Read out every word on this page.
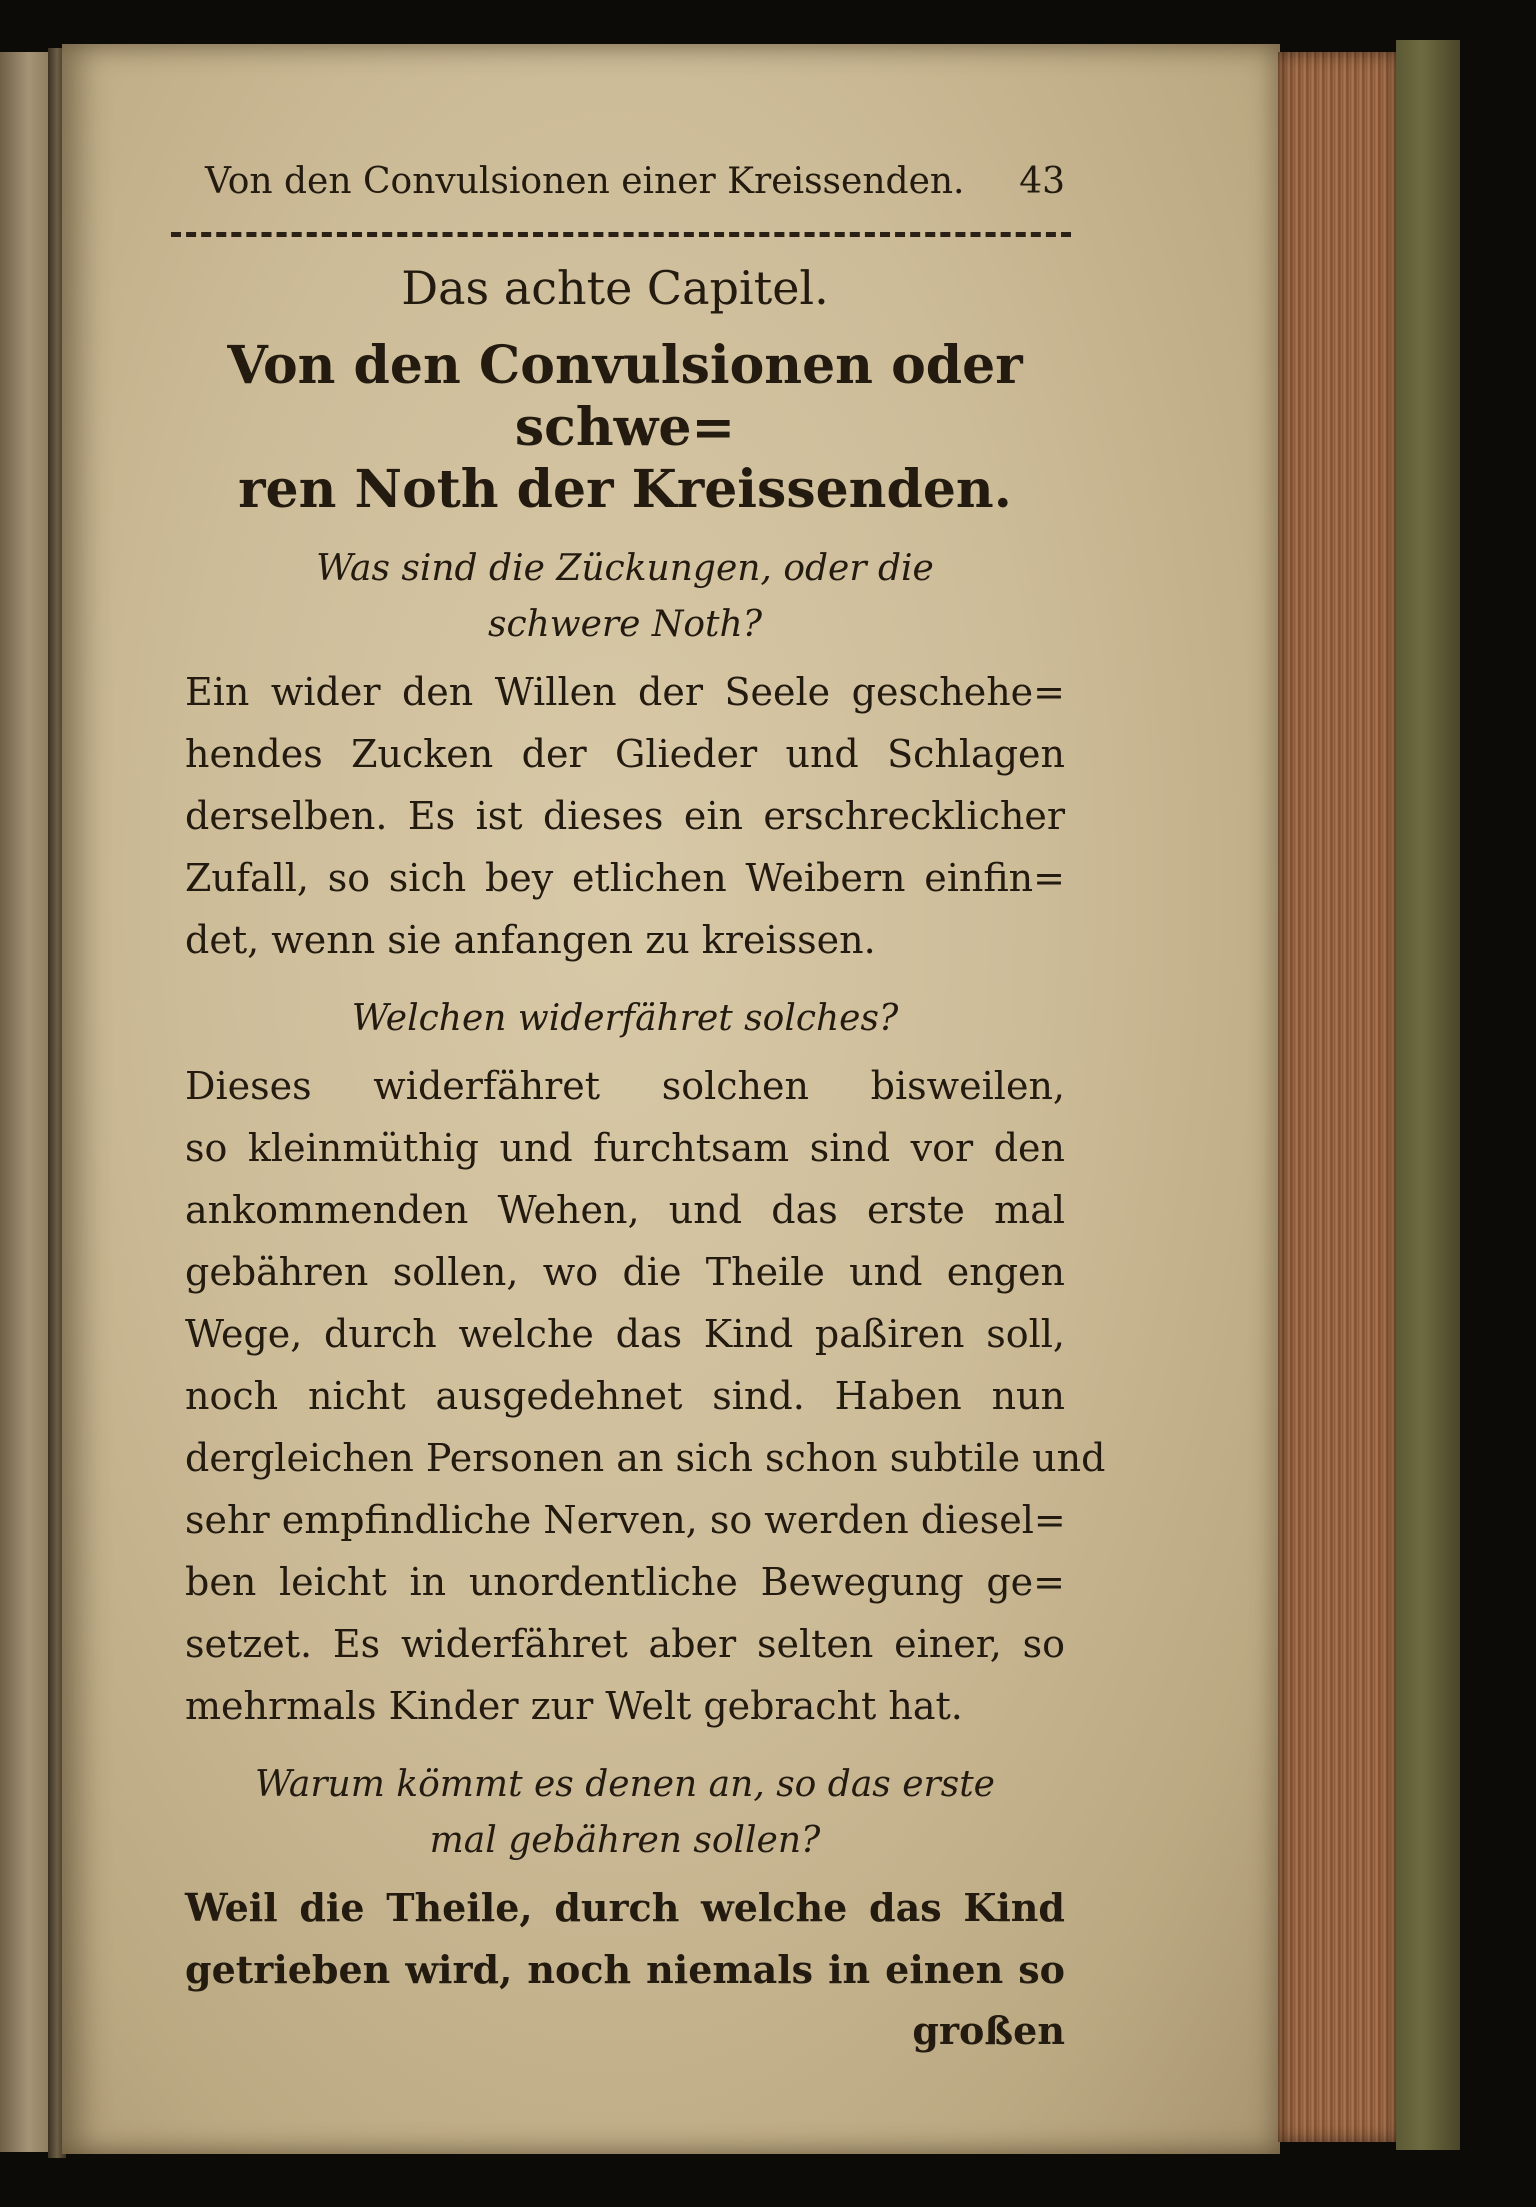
Von den Convulsionen einer Kreissenden. 43
Das achte Capitel.
Von den Convulsionen oder schwe=
ren Noth der Kreissenden.
Was sind die Zückungen, oder die
schwere Noth?
Ein wider den Willen der Seele geschehe=
hendes Zucken der Glieder und Schlagen
derselben. Es ist dieses ein erschrecklicher
Zufall, so sich bey etlichen Weibern einfin=
det, wenn sie anfangen zu kreissen.
Welchen widerfähret solches?
Dieses widerfähret solchen bisweilen,
so kleinmüthig und furchtsam sind vor den
ankommenden Wehen, und das erste mal
gebähren sollen, wo die Theile und engen
Wege, durch welche das Kind paßiren soll,
noch nicht ausgedehnet sind. Haben nun
dergleichen Personen an sich schon subtile und
sehr empfindliche Nerven, so werden diesel=
ben leicht in unordentliche Bewegung ge=
setzet. Es widerfähret aber selten einer, so
mehrmals Kinder zur Welt gebracht hat.
Warum kömmt es denen an, so das erste
mal gebähren sollen?
Weil die Theile, durch welche das Kind
getrieben wird, noch niemals in einen so
großen
